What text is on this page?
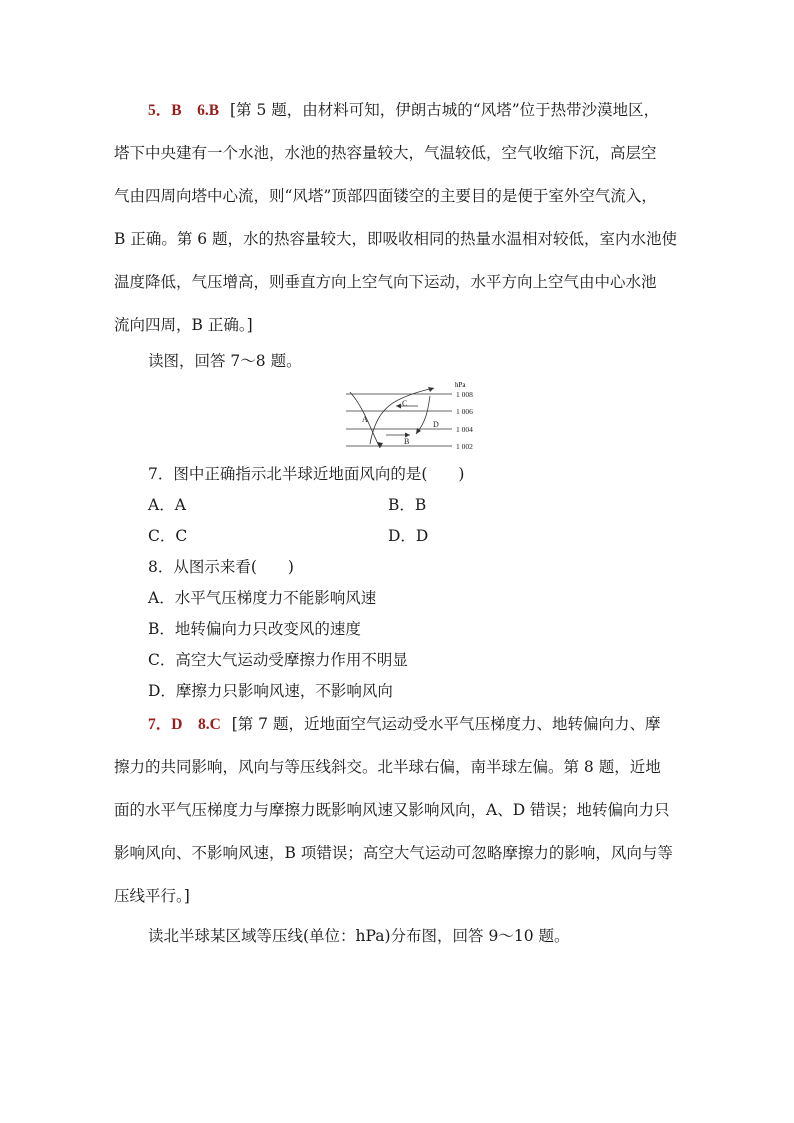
5．B　6.B [第 5 题，由材料可知，伊朗古城的“风塔”位于热带沙漠地区，
塔下中央建有一个水池，水池的热容量较大，气温较低，空气收缩下沉，高层空
气由四周向塔中心流，则“风塔”顶部四面镂空的主要目的是便于室外空气流入，
B 正确。第 6 题，水的热容量较大，即吸收相同的热量水温相对较低，室内水池使
温度降低，气压增高，则垂直方向上空气向下运动，水平方向上空气由中心水池
流向四周，B 正确。]
读图，回答 7～8 题。
hPa
1 008
1 006
1 004
1 002
A
B
C
D
7．图中正确指示北半球近地面风向的是(　　)
A．A	B．B
C．C	D．D
8．从图示来看(　　)
A．水平气压梯度力不能影响风速
B．地转偏向力只改变风的速度
C．高空大气运动受摩擦力作用不明显
D．摩擦力只影响风速，不影响风向
7．D　8.C [第 7 题，近地面空气运动受水平气压梯度力、地转偏向力、摩
擦力的共同影响，风向与等压线斜交。北半球右偏，南半球左偏。第 8 题，近地
面的水平气压梯度力与摩擦力既影响风速又影响风向，A、D 错误；地转偏向力只
影响风向、不影响风速，B 项错误；高空大气运动可忽略摩擦力的影响，风向与等
压线平行。]
读北半球某区域等压线(单位：hPa)分布图，回答 9～10 题。
